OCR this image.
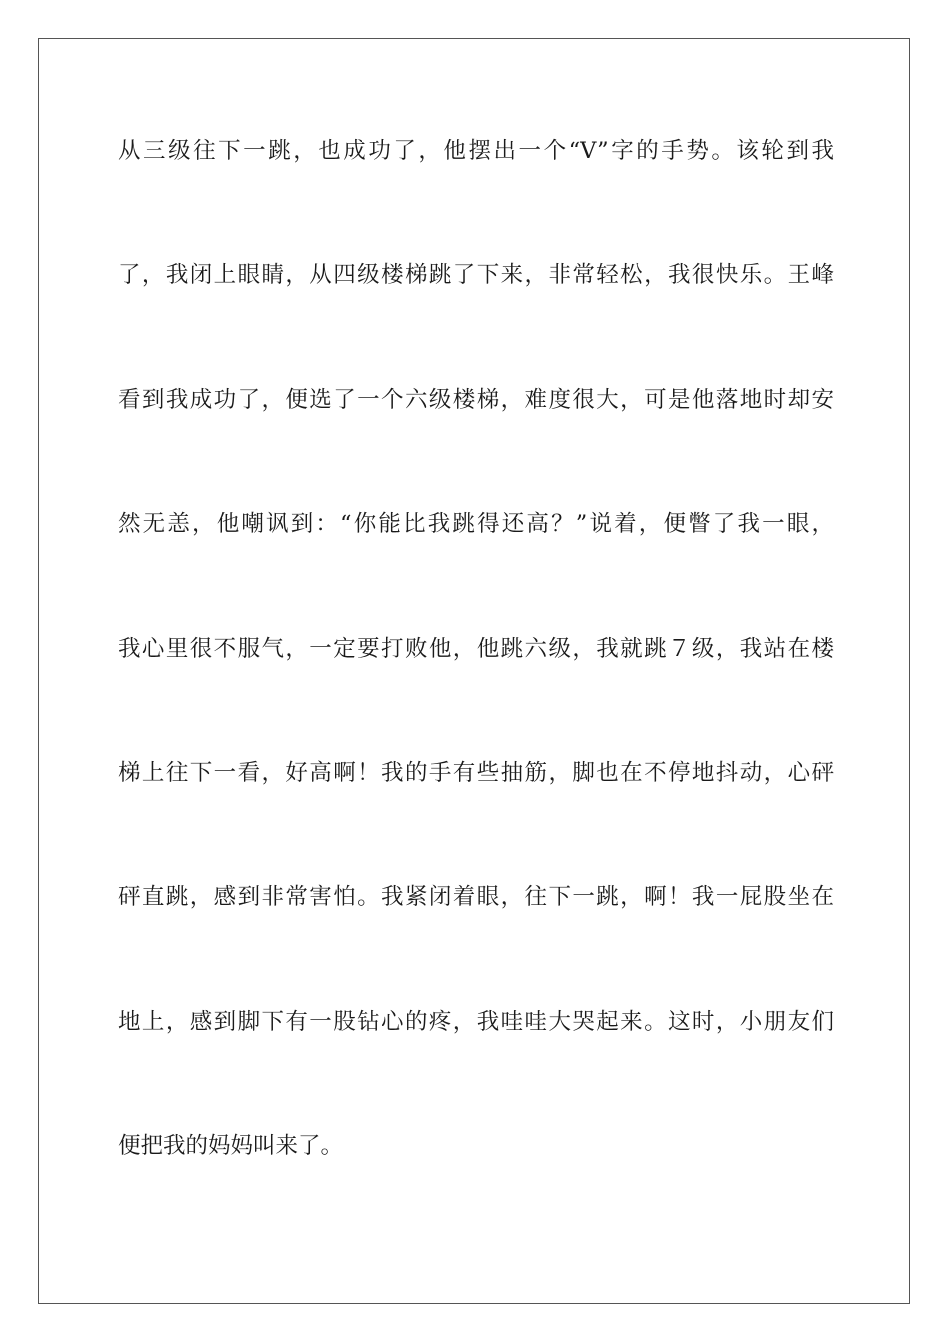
从三级往下一跳，也成功了，他摆出一个“V”字的手势。该轮到我
了，我闭上眼睛，从四级楼梯跳了下来，非常轻松，我很快乐。王峰
看到我成功了，便选了一个六级楼梯，难度很大，可是他落地时却安
然无恙，他嘲讽到：“你能比我跳得还高？”说着，便瞥了我一眼，
我心里很不服气，一定要打败他，他跳六级，我就跳７级，我站在楼
梯上往下一看，好高啊！我的手有些抽筋，脚也在不停地抖动，心砰
砰直跳，感到非常害怕。我紧闭着眼，往下一跳，啊！我一屁股坐在
地上，感到脚下有一股钻心的疼，我哇哇大哭起来。这时，小朋友们
便把我的妈妈叫来了。
